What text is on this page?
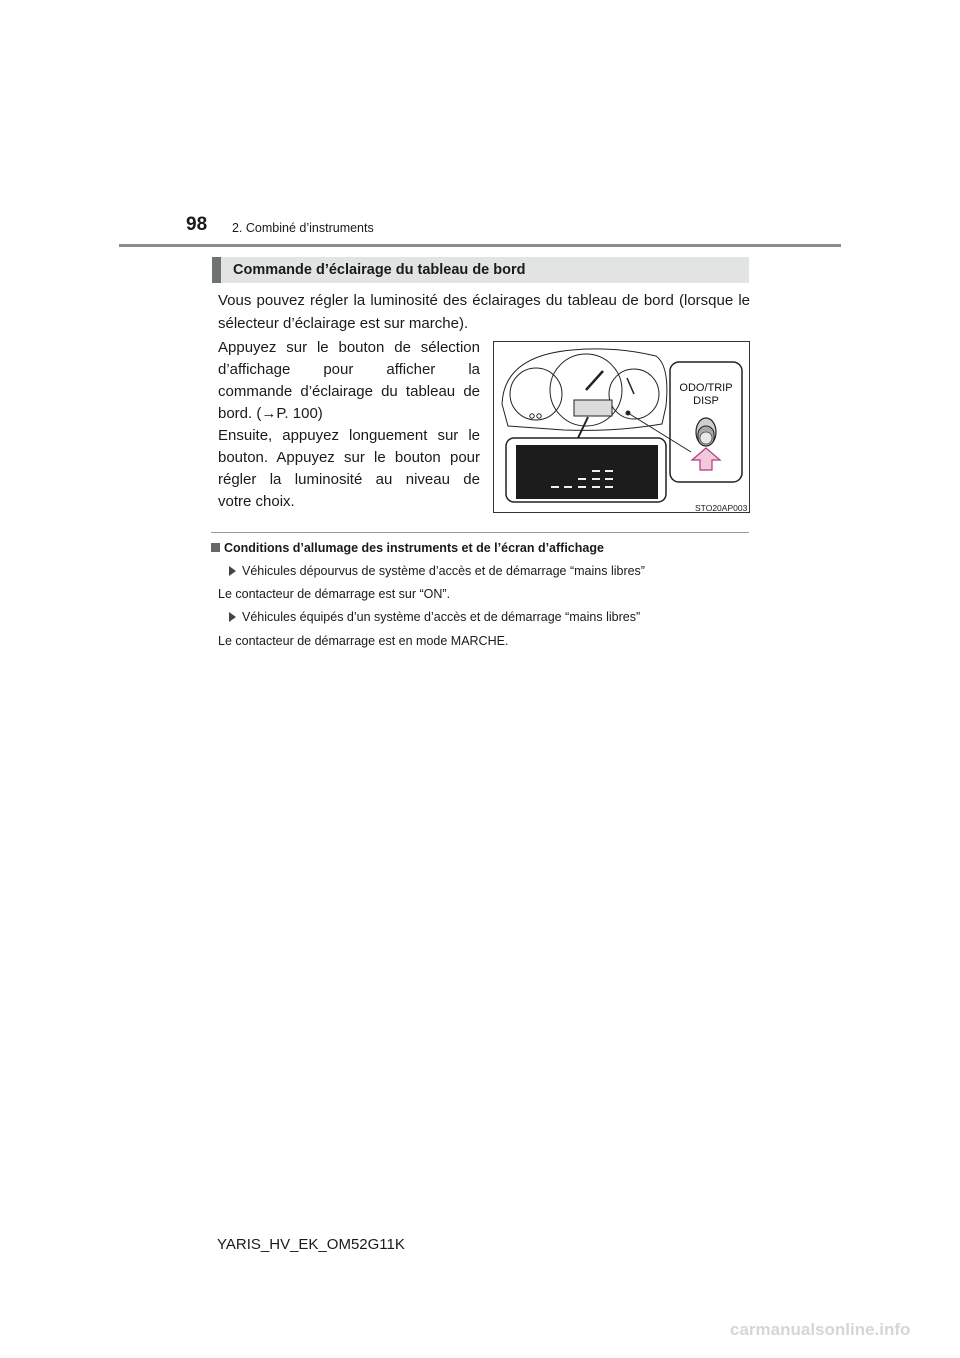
98 2. Combiné d’instruments
Commande d’éclairage du tableau de bord
Vous pouvez régler la luminosité des éclairages du tableau de bord (lorsque le sélecteur d’éclairage est sur marche).
Appuyez sur le bouton de sélection
d’affichage pour afficher la
commande d’éclairage du tableau de
bord. (→P. 100)
Ensuite, appuyez longuement sur le
bouton. Appuyez sur le bouton pour
régler la luminosité au niveau de
votre choix.
ODO/TRIP
DISP
STO20AP003
Conditions d’allumage des instruments et de l’écran d’affichage
Véhicules dépourvus de système d’accès et de démarrage “mains libres”
Le contacteur de démarrage est sur “ON”.
Véhicules équipés d’un système d’accès et de démarrage “mains libres”
Le contacteur de démarrage est en mode MARCHE.
YARIS_HV_EK_OM52G11K
carmanualsonline.info
